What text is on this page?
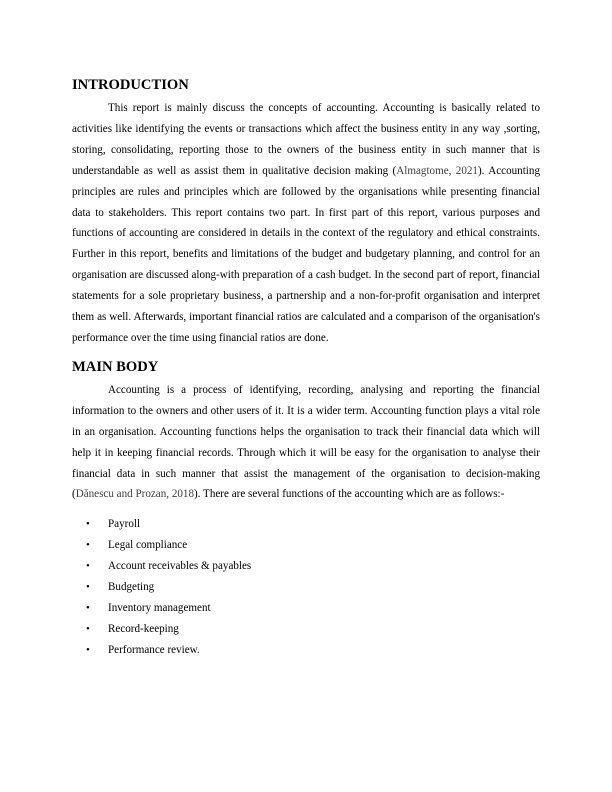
INTRODUCTION

This report is mainly discuss the concepts of accounting. Accounting is basically related to activities like identifying the events or transactions which affect the business entity in any way ,sorting, storing, consolidating, reporting those to the owners of the business entity in such manner that is understandable as well as assist them in qualitative decision making (Almagtome, 2021). Accounting principles are rules and principles which are followed by the organisations while presenting financial data to stakeholders. This report contains two part. In first part of this report, various purposes and functions of accounting are considered in details in the context of the regulatory and ethical constraints. Further in this report, benefits and limitations of the budget and budgetary planning, and control for an organisation are discussed along-with preparation of a cash budget. In the second part of report, financial statements for a sole proprietary business, a partnership and a non-for-profit organisation and interpret them as well. Afterwards, important financial ratios are calculated and a comparison of the organisation's performance over the time using financial ratios are done.

MAIN BODY

Accounting is a process of identifying, recording, analysing and reporting the financial information to the owners and other users of it. It is a wider term. Accounting function plays a vital role in an organisation. Accounting functions helps the organisation to track their financial data which will help it in keeping financial records. Through which it will be easy for the organisation to analyse their financial data in such manner that assist the management of the organisation to decision-making (Dănescu and Prozan, 2018). There are several functions of the accounting which are as follows:-

• Payroll
• Legal compliance
• Account receivables & payables
• Budgeting
• Inventory management
• Record-keeping
• Performance review.
